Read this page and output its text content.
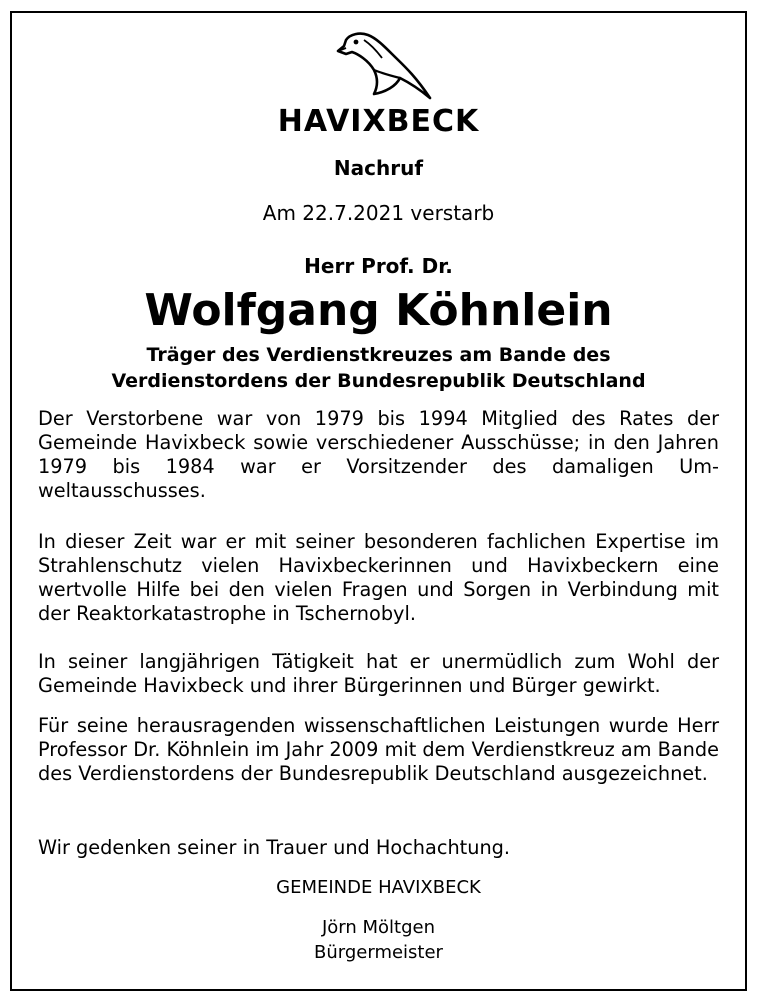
HAVIXBECK
Nachruf
Am 22.7.2021 verstarb
Herr Prof. Dr.
Wolfgang Köhnlein
Träger des Verdienstkreuzes am Bande des
Verdienstordens der Bundesrepublik Deutschland
Der Verstorbene war von 1979 bis 1994 Mitglied des Rates der Gemeinde Havixbeck sowie verschiedener Ausschüsse; in den Jahren 1979 bis 1984 war er Vorsitzender des damaligen Umweltausschusses.
In dieser Zeit war er mit seiner besonderen fachlichen Expertise im Strahlenschutz vielen Havixbeckerinnen und Havixbeckern eine wertvolle Hilfe bei den vielen Fragen und Sorgen in Verbindung mit der Reaktorkatastrophe in Tschernobyl.
In seiner langjährigen Tätigkeit hat er unermüdlich zum Wohl der Gemeinde Havixbeck und ihrer Bürgerinnen und Bürger gewirkt.
Für seine herausragenden wissenschaftlichen Leistungen wurde Herr Professor Dr. Köhnlein im Jahr 2009 mit dem Verdienstkreuz am Bande des Verdienstordens der Bundesrepublik Deutschland ausgezeichnet.
Wir gedenken seiner in Trauer und Hochachtung.
GEMEINDE HAVIXBECK
Jörn Möltgen
Bürgermeister
